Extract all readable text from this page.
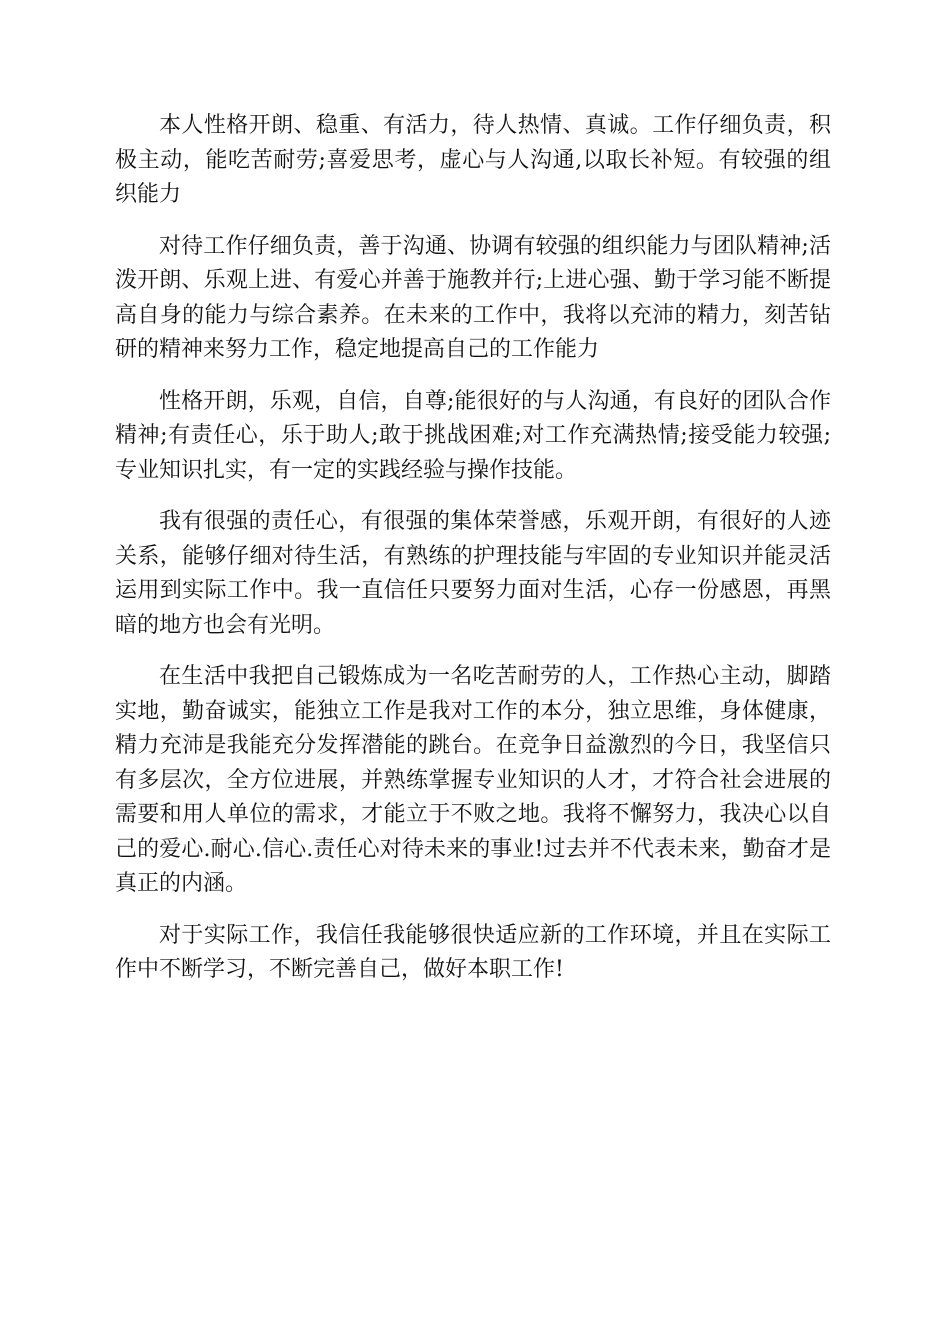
本人性格开朗、稳重、有活力，待人热情、真诚。工作仔细负责，积极主动，能吃苦耐劳;喜爱思考，虚心与人沟通,以取长补短。有较强的组织能力

对待工作仔细负责，善于沟通、协调有较强的组织能力与团队精神;活泼开朗、乐观上进、有爱心并善于施教并行;上进心强、勤于学习能不断提高自身的能力与综合素养。在未来的工作中，我将以充沛的精力，刻苦钻研的精神来努力工作，稳定地提高自己的工作能力

性格开朗，乐观，自信，自尊;能很好的与人沟通，有良好的团队合作精神;有责任心，乐于助人;敢于挑战困难;对工作充满热情;接受能力较强;专业知识扎实，有一定的实践经验与操作技能。

我有很强的责任心，有很强的集体荣誉感，乐观开朗，有很好的人迹关系，能够仔细对待生活，有熟练的护理技能与牢固的专业知识并能灵活运用到实际工作中。我一直信任只要努力面对生活，心存一份感恩，再黑暗的地方也会有光明。

在生活中我把自己锻炼成为一名吃苦耐劳的人，工作热心主动，脚踏实地，勤奋诚实，能独立工作是我对工作的本分，独立思维，身体健康，精力充沛是我能充分发挥潜能的跳台。在竞争日益激烈的今日，我坚信只有多层次，全方位进展，并熟练掌握专业知识的人才，才符合社会进展的需要和用人单位的需求，才能立于不败之地。我将不懈努力，我决心以自己的爱心.耐心.信心.责任心对待未来的事业!过去并不代表未来，勤奋才是真正的内涵。

对于实际工作，我信任我能够很快适应新的工作环境，并且在实际工作中不断学习，不断完善自己，做好本职工作!
